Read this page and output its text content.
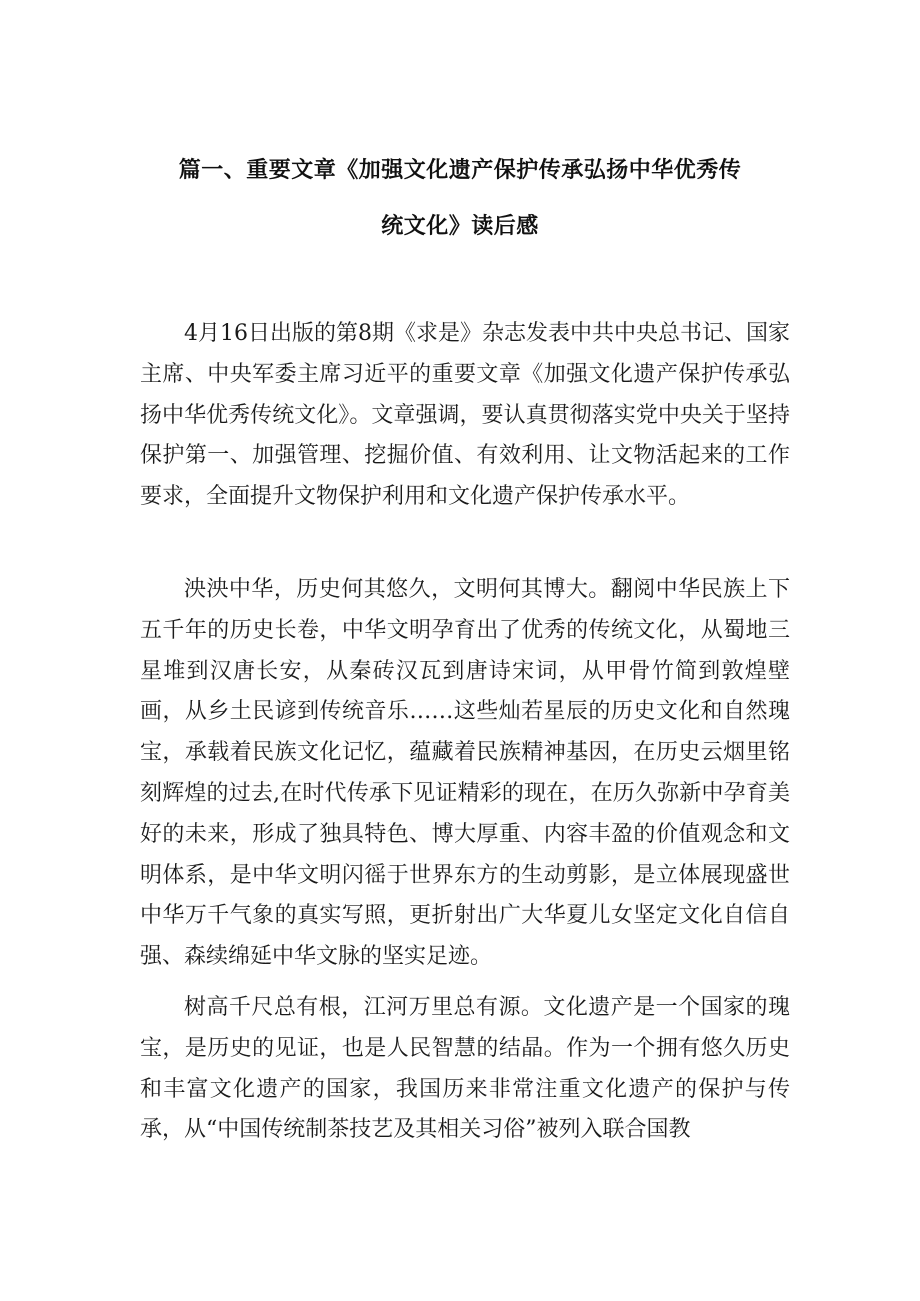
篇一、重要文章《加强文化遗产保护传承弘扬中华优秀传
统文化》读后感

4月16日出版的第8期《求是》杂志发表中共中央总书记、国家主席、中央军委主席习近平的重要文章《加强文化遗产保护传承弘扬中华优秀传统文化》。文章强调，要认真贯彻落实党中央关于坚持保护第一、加强管理、挖掘价值、有效利用、让文物活起来的工作要求，全面提升文物保护利用和文化遗产保护传承水平。

泱泱中华，历史何其悠久，文明何其博大。翻阅中华民族上下五千年的历史长卷，中华文明孕育出了优秀的传统文化，从蜀地三星堆到汉唐长安，从秦砖汉瓦到唐诗宋词，从甲骨竹简到敦煌壁画，从乡土民谚到传统音乐……这些灿若星辰的历史文化和自然瑰宝，承载着民族文化记忆，蕴藏着民族精神基因，在历史云烟里铭刻辉煌的过去,在时代传承下见证精彩的现在，在历久弥新中孕育美好的未来，形成了独具特色、博大厚重、内容丰盈的价值观念和文明体系，是中华文明闪徭于世界东方的生动剪影，是立体展现盛世中华万千气象的真实写照，更折射出广大华夏儿女坚定文化自信自强、森续绵延中华文脉的坚实足迹。

树高千尺总有根，江河万里总有源。文化遗产是一个国家的瑰宝，是历史的见证，也是人民智慧的结晶。作为一个拥有悠久历史和丰富文化遗产的国家，我国历来非常注重文化遗产的保护与传承，从“中国传统制茶技艺及其相关习俗”被列入联合国教
